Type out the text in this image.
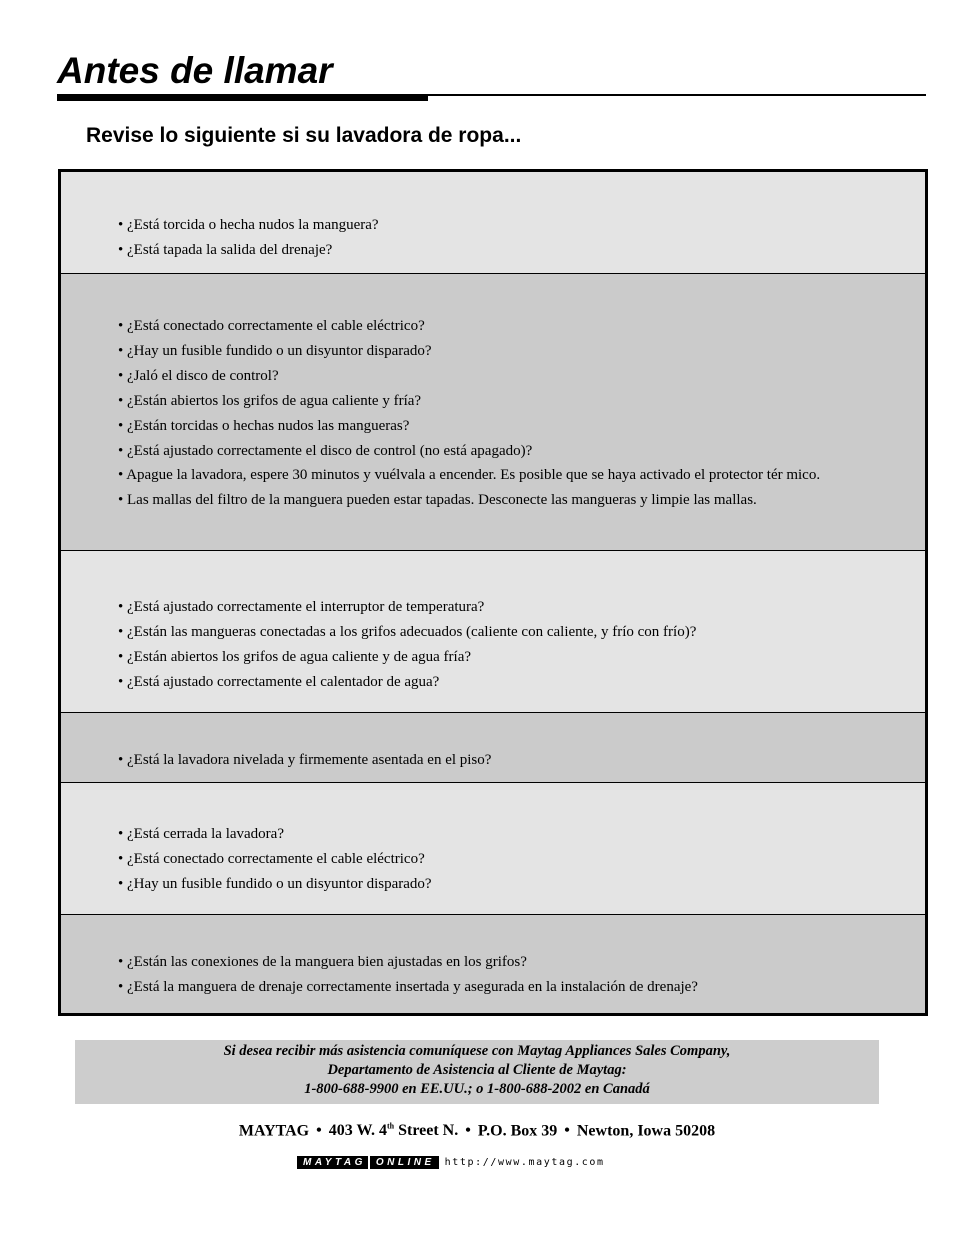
Antes de llamar
Revise lo siguiente si su lavadora de ropa...
• ¿Está torcida o hecha nudos la manguera?
• ¿Está tapada la salida del drenaje?
• ¿Está conectado correctamente el cable eléctrico?
• ¿Hay un fusible fundido o un disyuntor disparado?
• ¿Jaló el disco de control?
• ¿Están abiertos los grifos de agua caliente y fría?
• ¿Están torcidas o hechas nudos las mangueras?
• ¿Está ajustado correctamente el disco de control (no está apagado)?
• Apague la lavadora, espere 30 minutos y vuélvala a encender. Es posible que se haya activado el protector tér mico.
• Las mallas del filtro de la manguera pueden estar tapadas. Desconecte las mangueras y limpie las mallas.
• ¿Está ajustado correctamente el interruptor de temperatura?
• ¿Están las mangueras conectadas a los grifos adecuados (caliente con caliente, y frío con frío)?
• ¿Están abiertos los grifos de agua caliente y de agua fría?
• ¿Está ajustado correctamente el calentador de agua?
• ¿Está la lavadora nivelada y firmemente asentada en el piso?
• ¿Está cerrada la lavadora?
• ¿Está conectado correctamente el cable eléctrico?
• ¿Hay un fusible fundido o un disyuntor disparado?
• ¿Están las conexiones de la manguera bien ajustadas en los grifos?
• ¿Está la manguera de drenaje correctamente insertada y asegurada en la instalación de drenaje?
Si desea recibir más asistencia comuníquese con Maytag Appliances Sales Company,
Departamento de Asistencia al Cliente de Maytag:
1-800-688-9900 en EE.UU.; o 1-800-688-2002 en Canadá
MAYTAG • 403 W. 4th Street N. • P.O. Box 39 • Newton, Iowa 50208
MAYTAG	ONLINE	http://www.maytag.com
